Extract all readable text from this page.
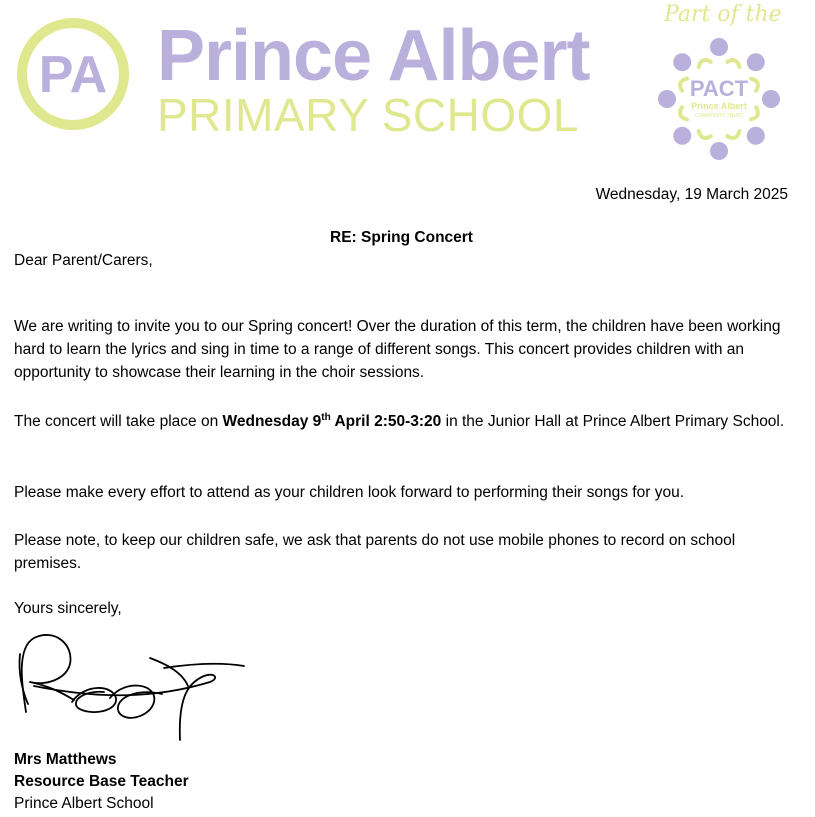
PA Prince Albert
PRIMARY SCHOOL
Part of the
PACT
Prince Albert
COMMUNITY TRUST
Wednesday, 19 March 2025
RE: Spring Concert
Dear Parent/Carers,

We are writing to invite you to our Spring concert! Over the duration of this term, the children have been working hard to learn the lyrics and sing in time to a range of different songs. This concert provides children with an opportunity to showcase their learning in the choir sessions.

The concert will take place on Wednesday 9th April 2:50-3:20 in the Junior Hall at Prince Albert Primary School.

Please make every effort to attend as your children look forward to performing their songs for you.

Please note, to keep our children safe, we ask that parents do not use mobile phones to record on school premises.

Yours sincerely,
Mrs Matthews
Resource Base Teacher
Prince Albert School
